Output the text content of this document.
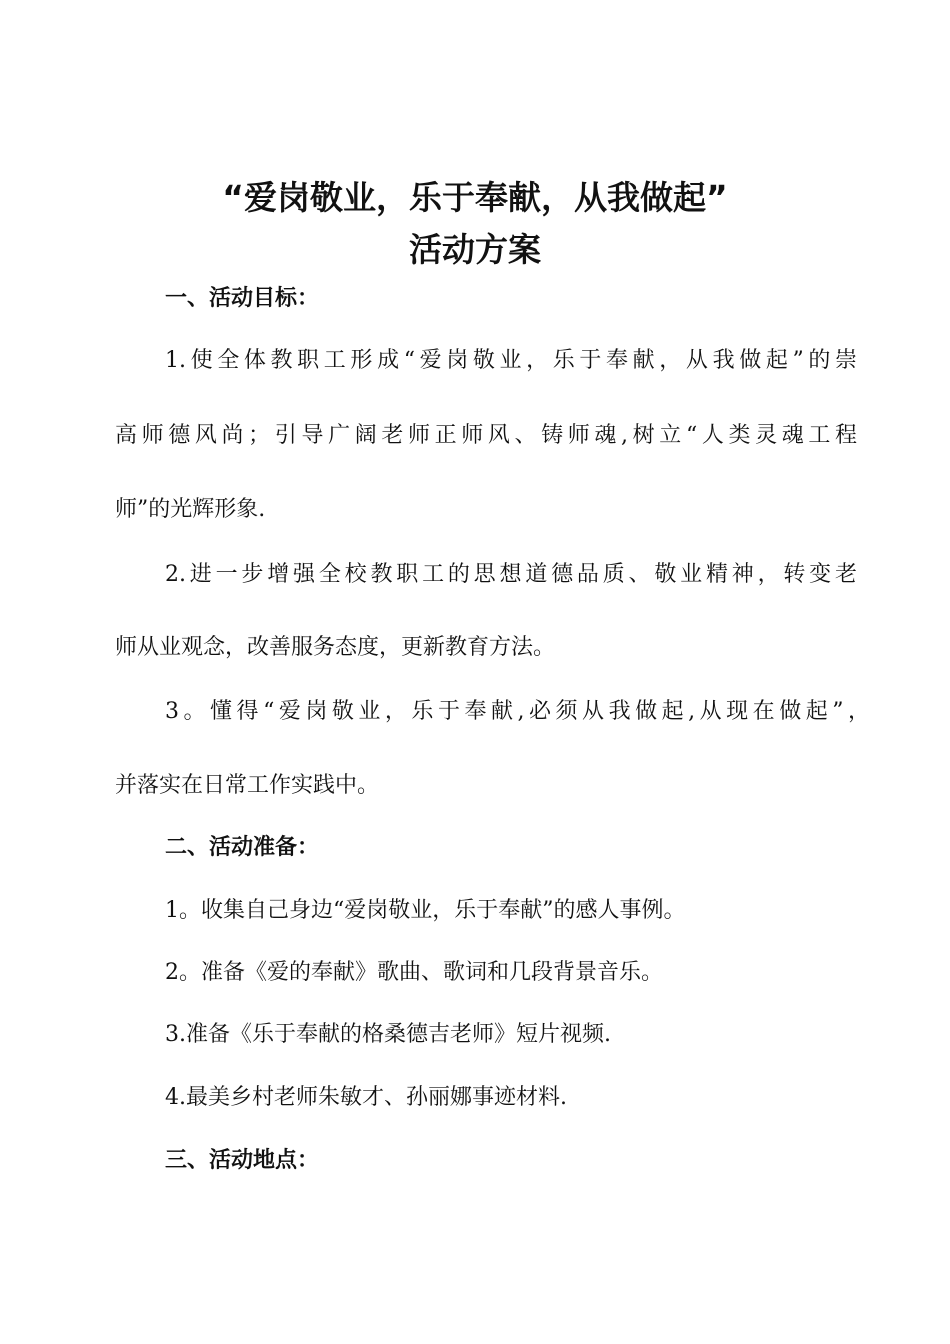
“爱岗敬业，乐于奉献，从我做起”
活动方案
一、活动目标：
1.使全体教职工形成“爱岗敬业，乐于奉献，从我做起”的崇
高师德风尚；引导广阔老师正师风、铸师魂,树立“人类灵魂工程
师”的光辉形象.
2.进一步增强全校教职工的思想道德品质、敬业精神，转变老
师从业观念，改善服务态度，更新教育方法。
3。懂得“爱岗敬业，乐于奉献,必须从我做起,从现在做起”，
并落实在日常工作实践中。
二、活动准备：
1。收集自己身边“爱岗敬业，乐于奉献”的感人事例。
2。准备《爱的奉献》歌曲、歌词和几段背景音乐。
3.准备《乐于奉献的格桑德吉老师》短片视频.
4.最美乡村老师朱敏才、孙丽娜事迹材料.
三、活动地点：
